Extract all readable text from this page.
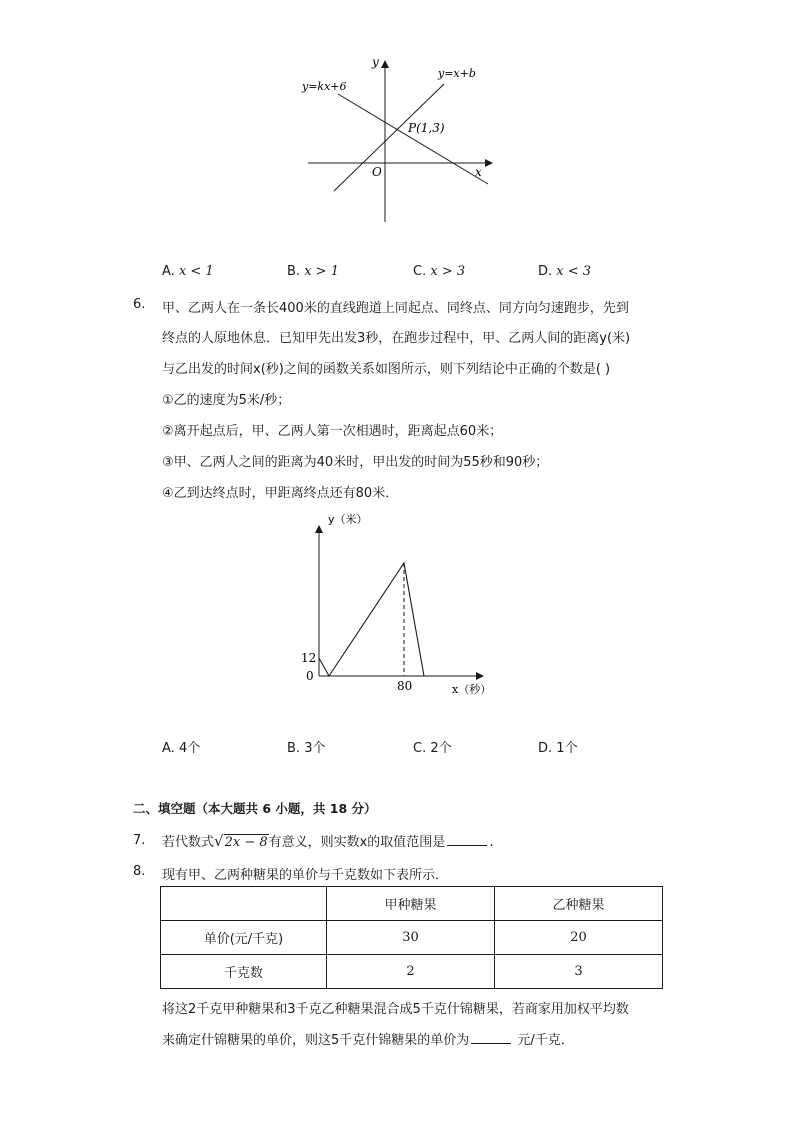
y
x
O
y=kx+6
y=x+b
P(1,3)
A. x < 1	B. x > 1	C. x > 3	D. x < 3
6. 甲、乙两人在一条长400米的直线跑道上同起点、同终点、同方向匀速跑步，先到
终点的人原地休息．已知甲先出发3秒，在跑步过程中，甲、乙两人间的距离y(米)
与乙出发的时间x(秒)之间的函数关系如图所示，则下列结论中正确的个数是( )
①乙的速度为5米/秒；
②离开起点后，甲、乙两人第一次相遇时，距离起点60米；
③甲、乙两人之间的距离为40米时，甲出发的时间为55秒和90秒；
④乙到达终点时，甲距离终点还有80米．
y（米）
x（秒）
12
0
80
A. 4个	B. 3个	C. 2个	D. 1个
二、填空题（本大题共 6 小题，共 18 分）
7. 若代数式√2x − 8有意义，则实数x的取值范围是	.
8. 现有甲、乙两种糖果的单价与千克数如下表所示．
	甲种糖果	乙种糖果
单价(元/千克)	30	20
千克数	2	3
将这2千克甲种糖果和3千克乙种糖果混合成5千克什锦糖果，若商家用加权平均数
来确定什锦糖果的单价，则这5千克什锦糖果的单价为	元/千克．
